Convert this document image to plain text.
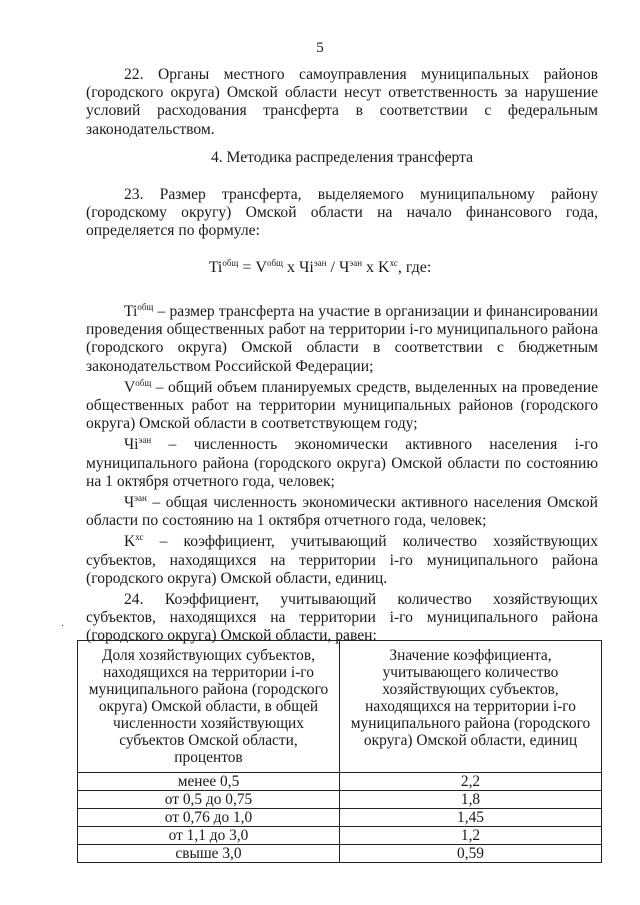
5
22. Органы местного самоуправления муниципальных районов (городского округа) Омской области несут ответственность за нарушение условий расходования трансферта в соответствии с федеральным законодательством.
4. Методика распределения трансферта
23. Размер трансферта, выделяемого муниципальному району (городскому округу) Омской области на начало финансового года, определяется по формуле:
$Ti^{общ} = V^{общ}$ x $Чi^{эан} / Ч^{эан}$ x $K^{хс}$, где:

$Ti^{общ}$ – размер трансферта на участие в организации и финансировании проведения общественных работ на территории i-го муниципального района (городского округа) Омской области в соответствии с бюджетным законодательством Российской Федерации;

$V^{общ}$ – общий объем планируемых средств, выделенных на проведение общественных работ на территории муниципальных районов (городского округа) Омской области в соответствующем году;

$Чi^{эан}$ – численность экономически активного населения i-го муниципального района (городского округа) Омской области по состоянию на 1 октября отчетного года, человек;

$Ч^{эан}$ – общая численность экономически активного населения Омской области по состоянию на 1 октября отчетного года, человек;

$K^{хс}$ – коэффициент, учитывающий количество хозяйствующих субъектов, находящихся на территории i-го муниципального района (городского округа) Омской области, единиц.

24. Коэффициент, учитывающий количество хозяйствующих субъектов, находящихся на территории i-го муниципального района (городского округа) Омской области, равен:

·
Доля хозяйствующих субъектов, находящихся на территории i-го муниципального района (городского округа) Омской области, в общей численности хозяйствующих субъектов Омской области, процентов	Значение коэффициента, учитывающего количество хозяйствующих субъектов, находящихся на территории i-го муниципального района (городского округа) Омской области, единиц
менее 0,5	2,2
от 0,5 до 0,75	1,8
от 0,76 до 1,0	1,45
от 1,1 до 3,0	1,2
свыше 3,0	0,59
